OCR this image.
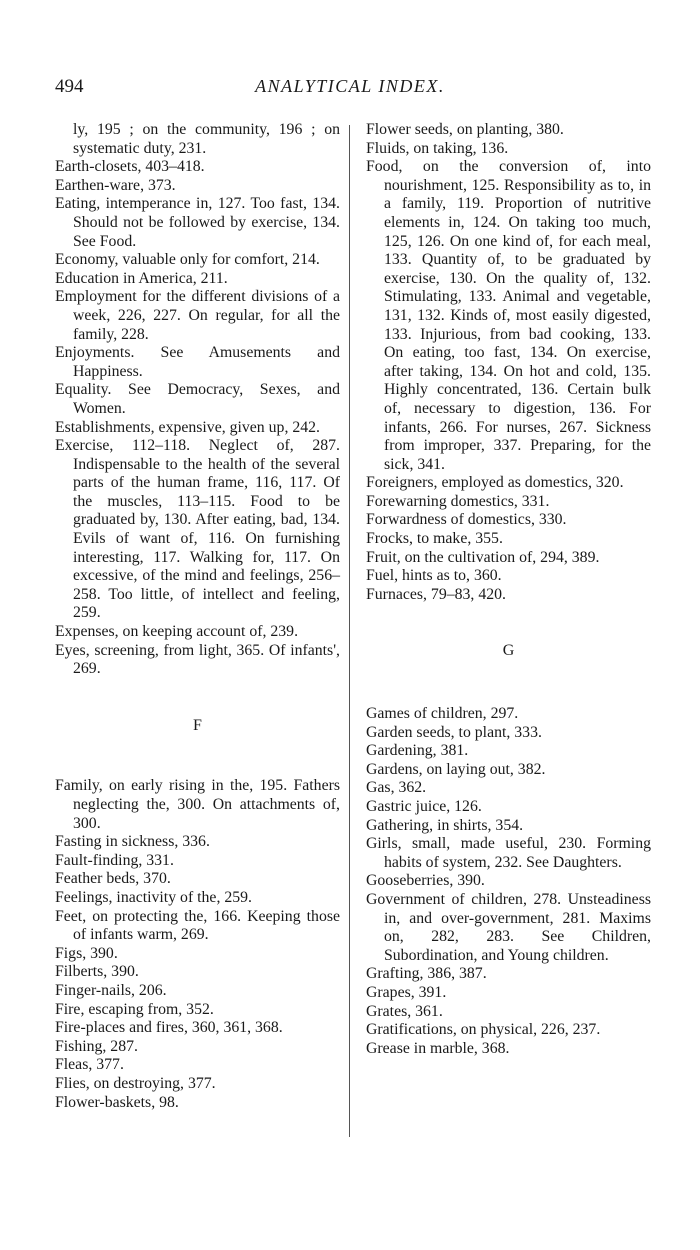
494	ANALYTICAL INDEX.

ly, 195 ; on the community, 196 ; on systematic duty, 231.

Earth-closets, 403–418.

Earthen-ware, 373.

Eating, intemperance in, 127. Too fast, 134. Should not be followed by exercise, 134. See Food.

Economy, valuable only for comfort, 214.

Education in America, 211.

Employment for the different divisions of a week, 226, 227. On regular, for all the family, 228.

Enjoyments. See Amusements and Happiness.

Equality. See Democracy, Sexes, and Women.

Establishments, expensive, given up, 242.

Exercise, 112–118. Neglect of, 287. Indispensable to the health of the several parts of the human frame, 116, 117. Of the muscles, 113–115. Food to be graduated by, 130. After eating, bad, 134. Evils of want of, 116. On furnishing interesting, 117. Walking for, 117. On excessive, of the mind and feelings, 256–258. Too little, of intellect and feeling, 259.

Expenses, on keeping account of, 239.

Eyes, screening, from light, 365. Of infants', 269.

F

Family, on early rising in the, 195. Fathers neglecting the, 300. On attachments of, 300.

Fasting in sickness, 336.

Fault-finding, 331.

Feather beds, 370.

Feelings, inactivity of the, 259.

Feet, on protecting the, 166. Keeping those of infants warm, 269.

Figs, 390.

Filberts, 390.

Finger-nails, 206.

Fire, escaping from, 352.

Fire-places and fires, 360, 361, 368.

Fishing, 287.

Fleas, 377.

Flies, on destroying, 377.

Flower-baskets, 98.

Flower seeds, on planting, 380.

Fluids, on taking, 136.

Food, on the conversion of, into nourishment, 125. Responsibility as to, in a family, 119. Proportion of nutritive elements in, 124. On taking too much, 125, 126. On one kind of, for each meal, 133. Quantity of, to be graduated by exercise, 130. On the quality of, 132. Stimulating, 133. Animal and vegetable, 131, 132. Kinds of, most easily digested, 133. Injurious, from bad cooking, 133. On eating, too fast, 134. On exercise, after taking, 134. On hot and cold, 135. Highly concentrated, 136. Certain bulk of, necessary to digestion, 136. For infants, 266. For nurses, 267. Sickness from improper, 337. Preparing, for the sick, 341.

Foreigners, employed as domestics, 320.

Forewarning domestics, 331.

Forwardness of domestics, 330.

Frocks, to make, 355.

Fruit, on the cultivation of, 294, 389.

Fuel, hints as to, 360.

Furnaces, 79–83, 420.

G

Games of children, 297.

Garden seeds, to plant, 333.

Gardening, 381.

Gardens, on laying out, 382.

Gas, 362.

Gastric juice, 126.

Gathering, in shirts, 354.

Girls, small, made useful, 230. Forming habits of system, 232. See Daughters.

Gooseberries, 390.

Government of children, 278. Unsteadiness in, and over-government, 281. Maxims on, 282, 283. See Children, Subordination, and Young children.

Grafting, 386, 387.

Grapes, 391.

Grates, 361.

Gratifications, on physical, 226, 237.

Grease in marble, 368.
